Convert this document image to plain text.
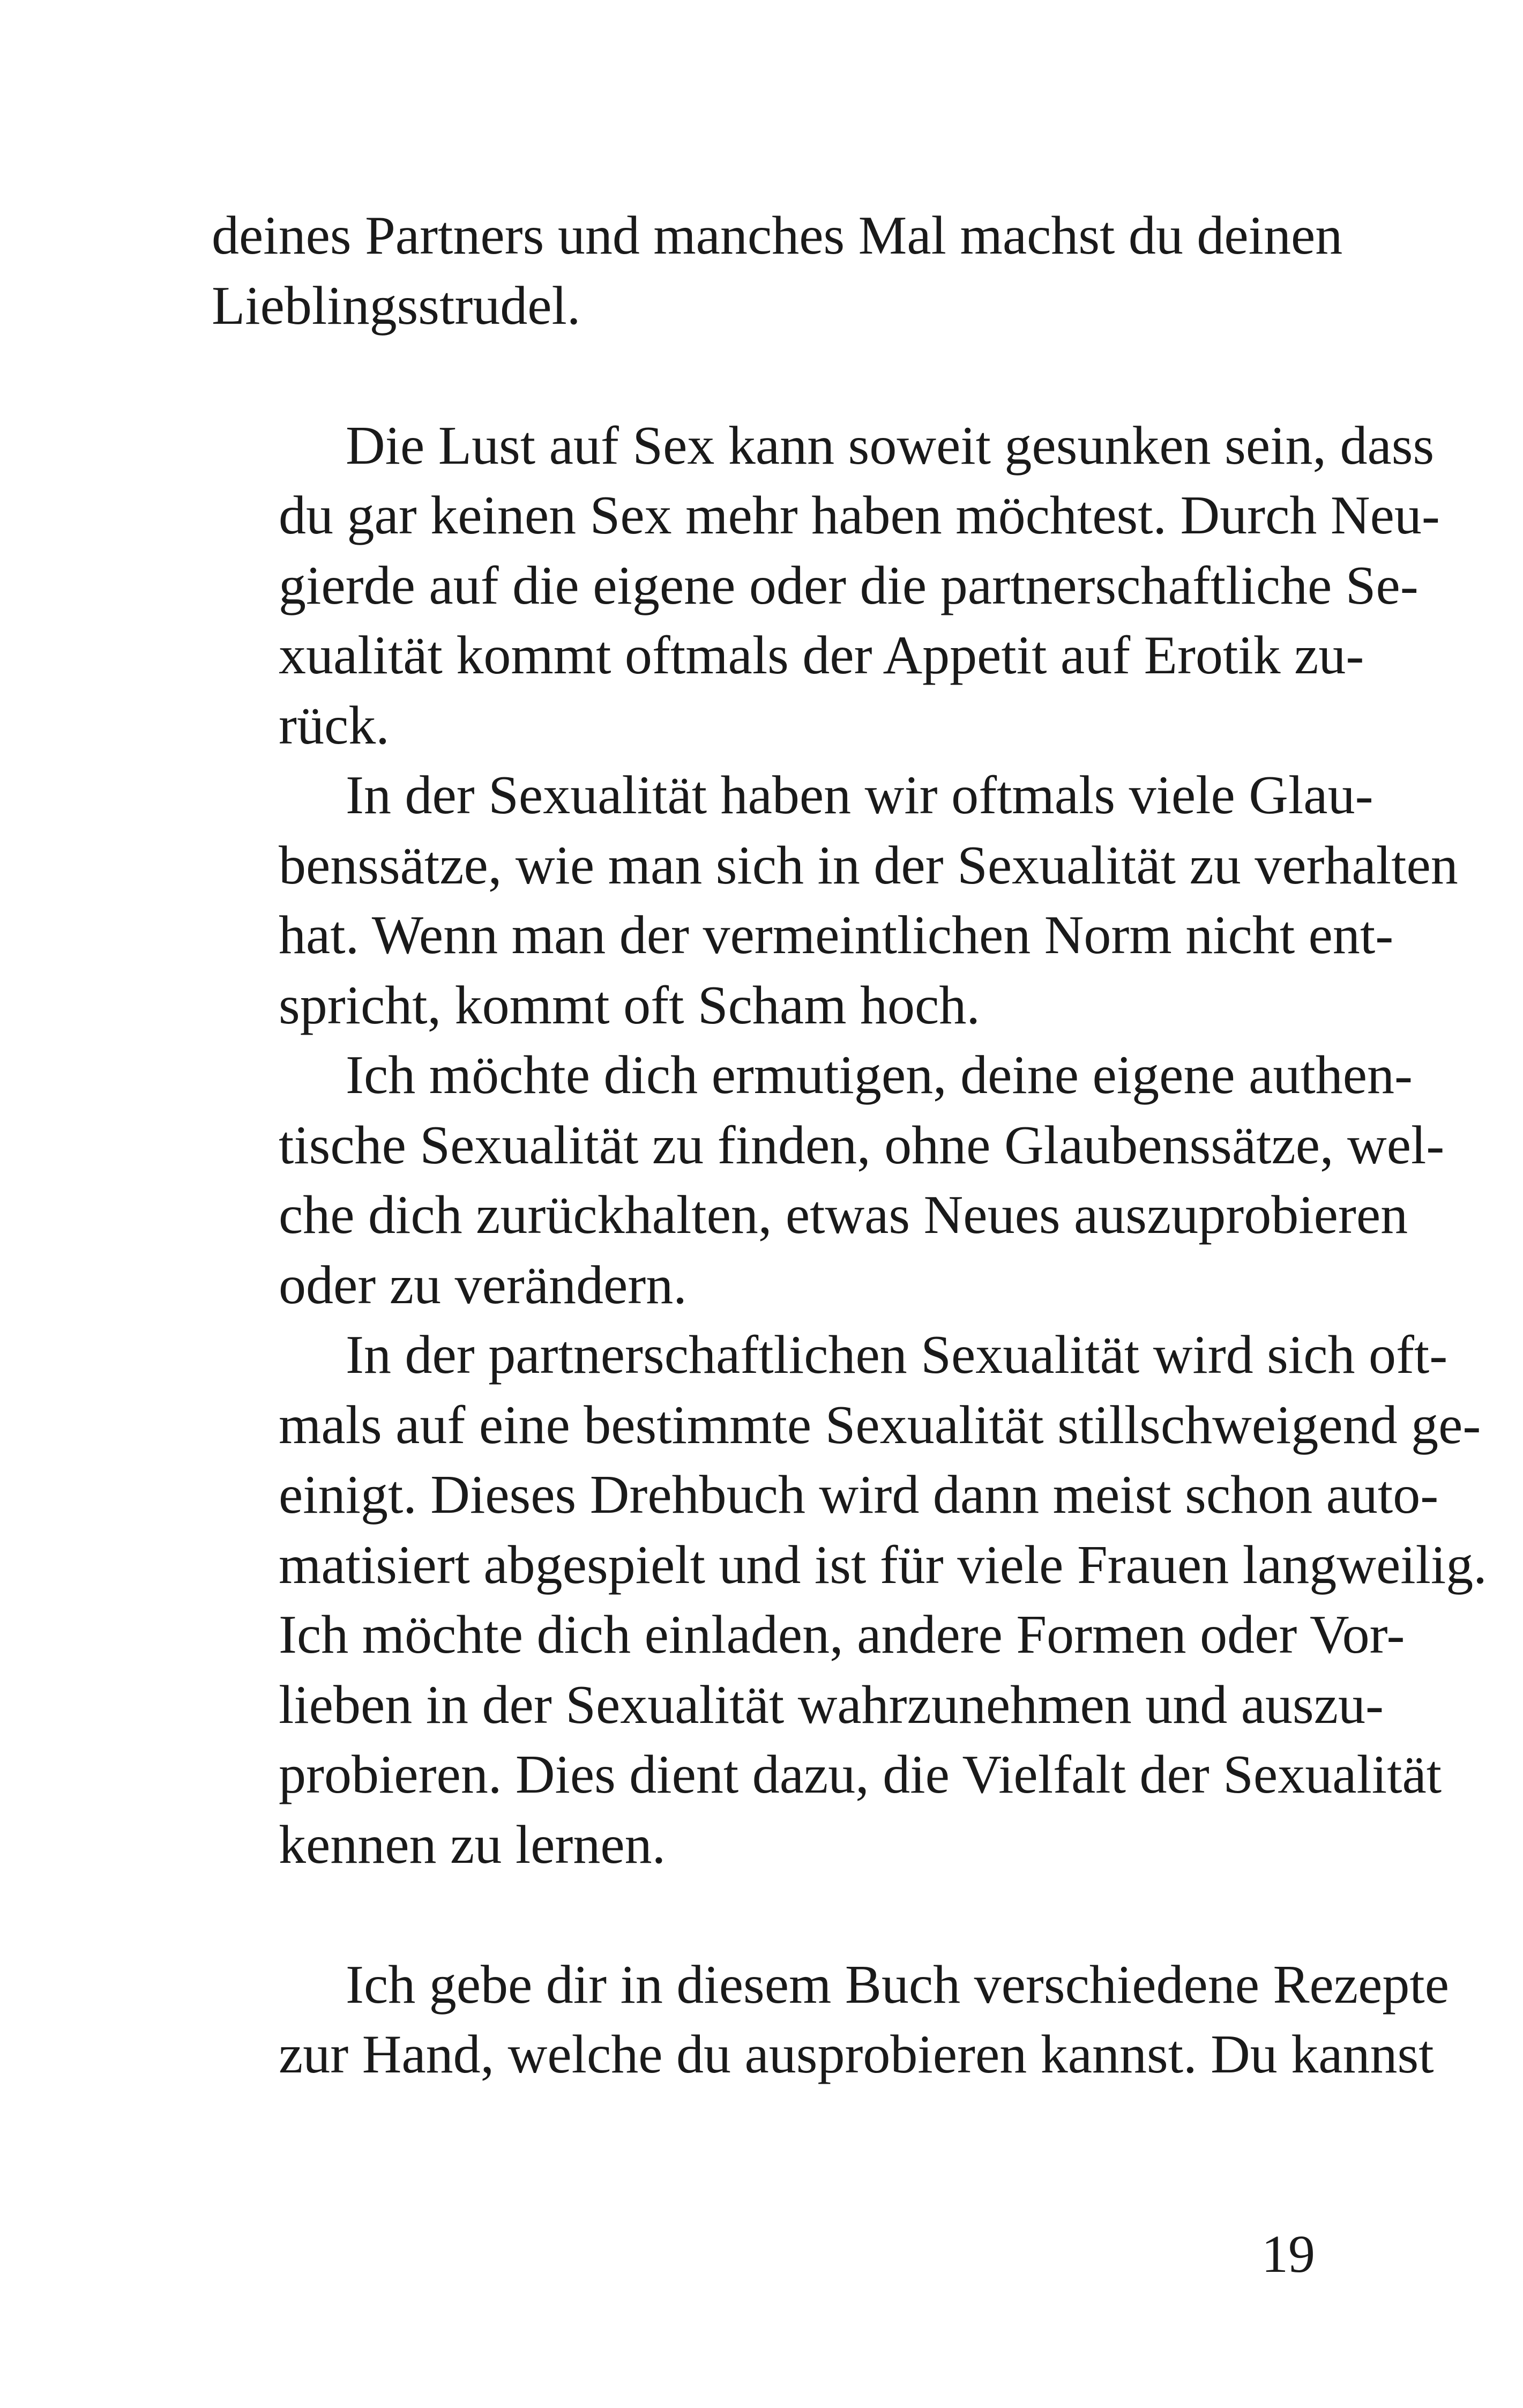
deines Partners und manches Mal machst du deinen
Lieblingsstrudel.

Die Lust auf Sex kann soweit gesunken sein, dass
du gar keinen Sex mehr haben möchtest. Durch Neu-
gierde auf die eigene oder die partnerschaftliche Se-
xualität kommt oftmals der Appetit auf Erotik zu-
rück.

In der Sexualität haben wir oftmals viele Glau-
benssätze, wie man sich in der Sexualität zu verhalten
hat. Wenn man der vermeintlichen Norm nicht ent-
spricht, kommt oft Scham hoch.

Ich möchte dich ermutigen, deine eigene authen-
tische Sexualität zu finden, ohne Glaubenssätze, wel-
che dich zurückhalten, etwas Neues auszuprobieren
oder zu verändern.

In der partnerschaftlichen Sexualität wird sich oft-
mals auf eine bestimmte Sexualität stillschweigend ge-
einigt. Dieses Drehbuch wird dann meist schon auto-
matisiert abgespielt und ist für viele Frauen langweilig.
Ich möchte dich einladen, andere Formen oder Vor-
lieben in der Sexualität wahrzunehmen und auszu-
probieren. Dies dient dazu, die Vielfalt der Sexualität
kennen zu lernen.

Ich gebe dir in diesem Buch verschiedene Rezepte
zur Hand, welche du ausprobieren kannst. Du kannst

19
